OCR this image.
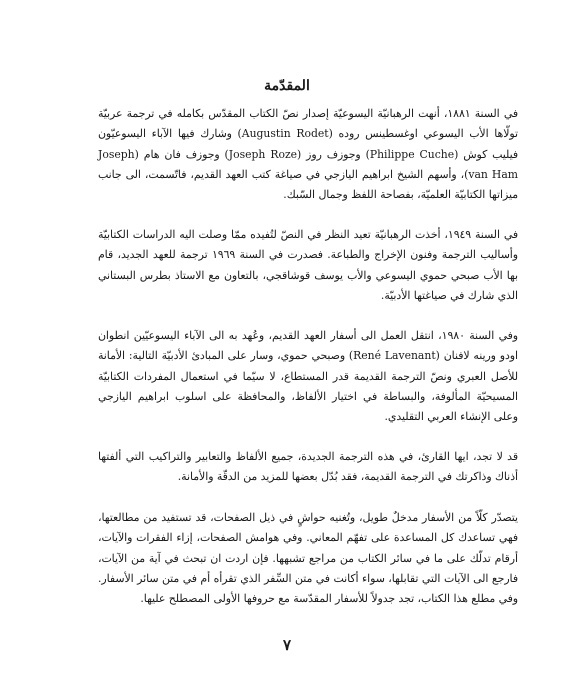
المقدّمة

في السنة ١٨٨١، أنهت الرهبانيّة اليسوعيّة إصدار نصّ الكتاب المقدّس بكامله في ترجمة عربيّة تولّاها الأب اليسوعي اوغسطينس روده (Augustin Rodet) وشارك فيها الآباء اليسوعيّون فيليب كوش (Philippe Cuche) وجوزف روز (Joseph Roze) وجوزف فان هام (Joseph van Ham)، وأسهم الشيخ ابراهيم اليازجي في صياغة كتب العهد القديم، فاتّسمت، الى جانب ميزاتها الكتابيّة العلميّة، بفصاحة اللفظ وجمال السّبك.

في السنة ١٩٤٩، أخذت الرهبانيّة تعيد النظر في النصّ لتُفيده ممّا وصلت اليه الدراسات الكتابيّة وأساليب الترجمة وفنون الإخراج والطباعة. فصدرت في السنة ١٩٦٩ ترجمة للعهد الجديد، قام بها الأب صبحي حموي اليسوعي والأب يوسف قوشاقجي، بالتعاون مع الاستاذ بطرس البستاني الذي شارك في صياغتها الأدبيّة.

وفي السنة ١٩٨٠، انتقل العمل الى أسفار العهد القديم، وعُهد به الى الآباء اليسوعيّين انطوان اودو ورينه لافنان (René Lavenant) وصبحي حموي، وسار على المبادئ الأدبيّة التالية: الأمانة للأصل العبري ونصّ الترجمة القديمة قدر المستطاع، لا سيّما في استعمال المفردات الكتابيّة المسيحيّة المألوفة، والبساطة في اختيار الألفاظ، والمحافظة على اسلوب ابراهيم اليازجي وعلى الإنشاء العربي التقليدي.

قد لا تجد، ايها القارئ، في هذه الترجمة الجديدة، جميع الألفاظ والتعابير والتراكيب التي ألفتها أذناك وذاكرتك في الترجمة القديمة، فقد بُدّل بعضها للمزيد من الدقّة والأمانة.

يتصدّر كلّاً من الأسفار مدخلٌ طويل، وتُغنيه حواشٍ في ذيل الصفحات، قد تستفيد من مطالعتها، فهي تساعدك كل المساعدة على تفهّم المعاني. وفي هوامش الصفحات، إزاء الفقرات والآيات، أرقام تدلّك على ما في سائر الكتاب من مراجع تشبهها. فإن اردت ان تبحث في آية من الآيات، فارجع الى الآيات التي تقابلها، سواء أكانت في متن السِّفر الذي تقرأه أم في متن سائر الأسفار. وفي مطلع هذا الكتاب، تجد جدولاً للأسفار المقدّسة مع حروفها الأولى المصطلح عليها.

٧
